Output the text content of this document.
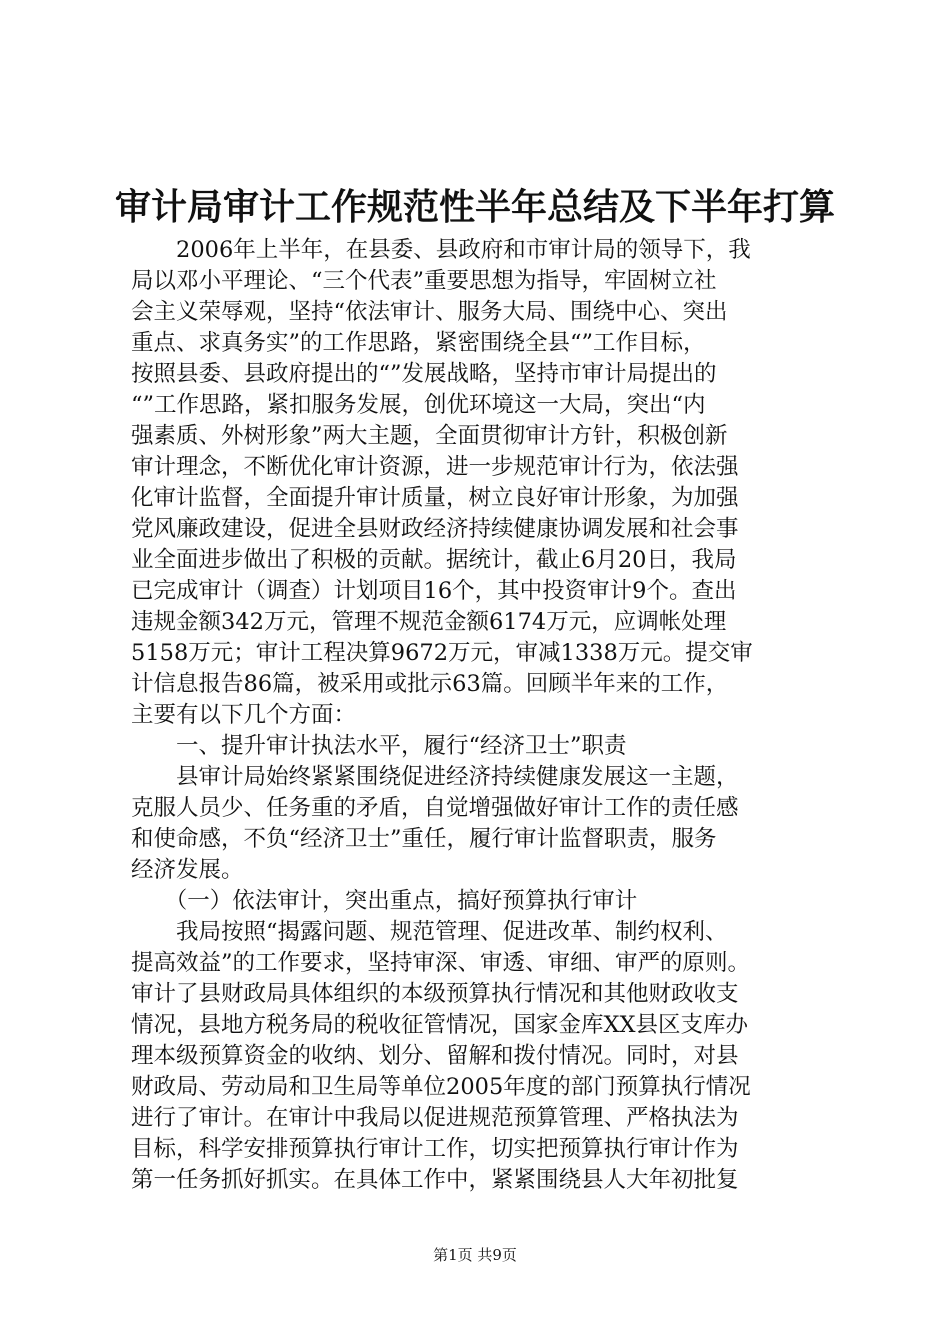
审计局审计工作规范性半年总结及下半年打算
　　2006年上半年，在县委、县政府和市审计局的领导下，我
局以邓小平理论、“三个代表”重要思想为指导，牢固树立社
会主义荣辱观，坚持“依法审计、服务大局、围绕中心、突出
重点、求真务实”的工作思路，紧密围绕全县“”工作目标，
按照县委、县政府提出的“”发展战略，坚持市审计局提出的
“”工作思路，紧扣服务发展，创优环境这一大局，突出“内
强素质、外树形象”两大主题，全面贯彻审计方针，积极创新
审计理念，不断优化审计资源，进一步规范审计行为，依法强
化审计监督，全面提升审计质量，树立良好审计形象，为加强
党风廉政建设，促进全县财政经济持续健康协调发展和社会事
业全面进步做出了积极的贡献。据统计，截止6月20日，我局
已完成审计（调查）计划项目16个，其中投资审计9个。查出
违规金额342万元，管理不规范金额6174万元，应调帐处理
5158万元；审计工程决算9672万元，审减1338万元。提交审
计信息报告86篇，被采用或批示63篇。回顾半年来的工作，
主要有以下几个方面：
　　一、提升审计执法水平，履行“经济卫士”职责
　　县审计局始终紧紧围绕促进经济持续健康发展这一主题，
克服人员少、任务重的矛盾，自觉增强做好审计工作的责任感
和使命感，不负“经济卫士”重任，履行审计监督职责，服务
经济发展。
　　（一）依法审计，突出重点，搞好预算执行审计
　　我局按照“揭露问题、规范管理、促进改革、制约权利、
提高效益”的工作要求，坚持审深、审透、审细、审严的原则。
审计了县财政局具体组织的本级预算执行情况和其他财政收支
情况，县地方税务局的税收征管情况，国家金库XX县区支库办
理本级预算资金的收纳、划分、留解和拨付情况。同时，对县
财政局、劳动局和卫生局等单位2005年度的部门预算执行情况
进行了审计。在审计中我局以促进规范预算管理、严格执法为
目标，科学安排预算执行审计工作，切实把预算执行审计作为
第一任务抓好抓实。在具体工作中，紧紧围绕县人大年初批复
第1页 共9页
